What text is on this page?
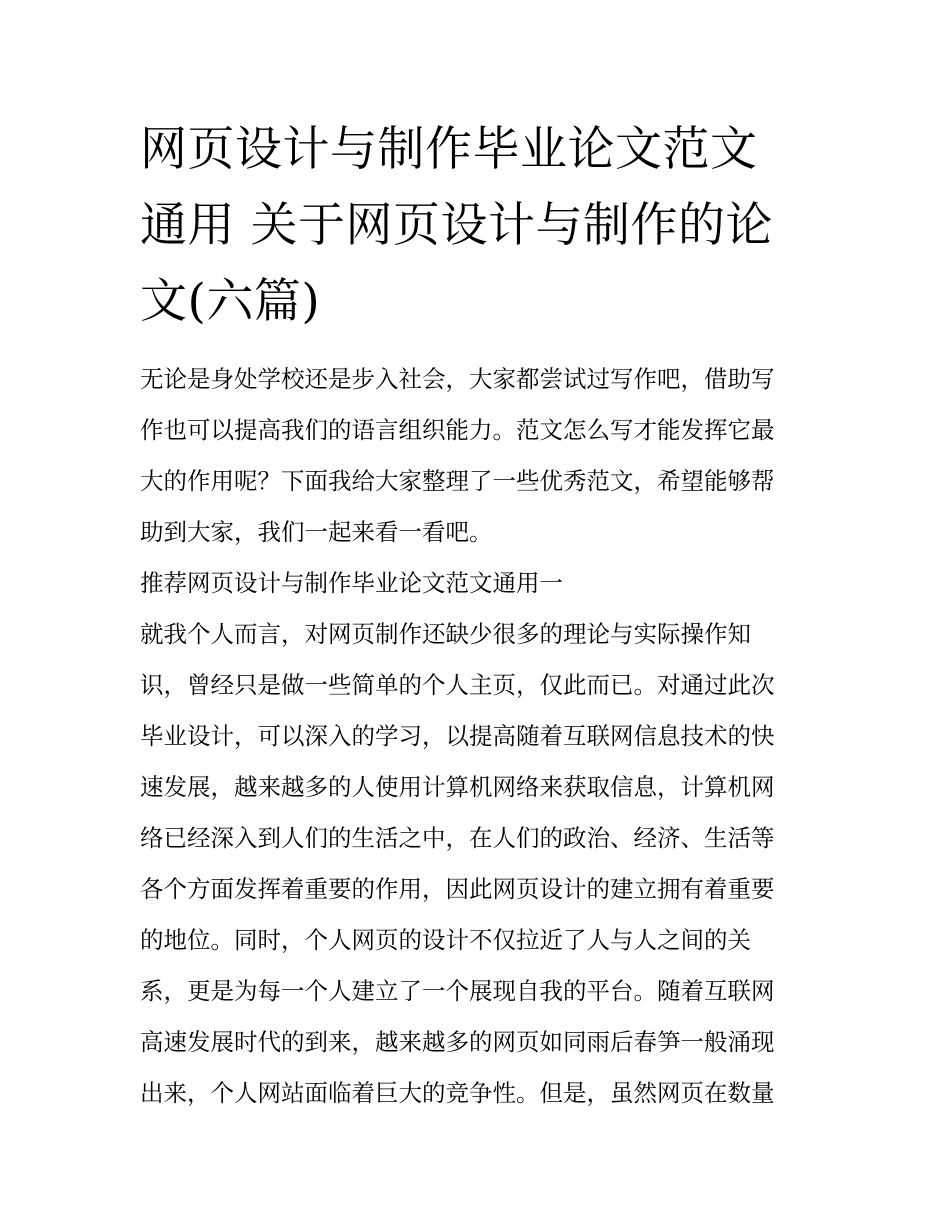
网页设计与制作毕业论文范文
通用 关于网页设计与制作的论
文(六篇)

无论是身处学校还是步入社会，大家都尝试过写作吧，借助写
作也可以提高我们的语言组织能力。范文怎么写才能发挥它最
大的作用呢？下面我给大家整理了一些优秀范文，希望能够帮
助到大家，我们一起来看一看吧。

推荐网页设计与制作毕业论文范文通用一

就我个人而言，对网页制作还缺少很多的理论与实际操作知
识，曾经只是做一些简单的个人主页，仅此而已。对通过此次
毕业设计，可以深入的学习，以提高随着互联网信息技术的快
速发展，越来越多的人使用计算机网络来获取信息，计算机网
络已经深入到人们的生活之中，在人们的政治、经济、生活等
各个方面发挥着重要的作用，因此网页设计的建立拥有着重要
的地位。同时，个人网页的设计不仅拉近了人与人之间的关
系，更是为每一个人建立了一个展现自我的平台。随着互联网
高速发展时代的到来，越来越多的网页如同雨后春笋一般涌现
出来，个人网站面临着巨大的竞争性。但是，虽然网页在数量
